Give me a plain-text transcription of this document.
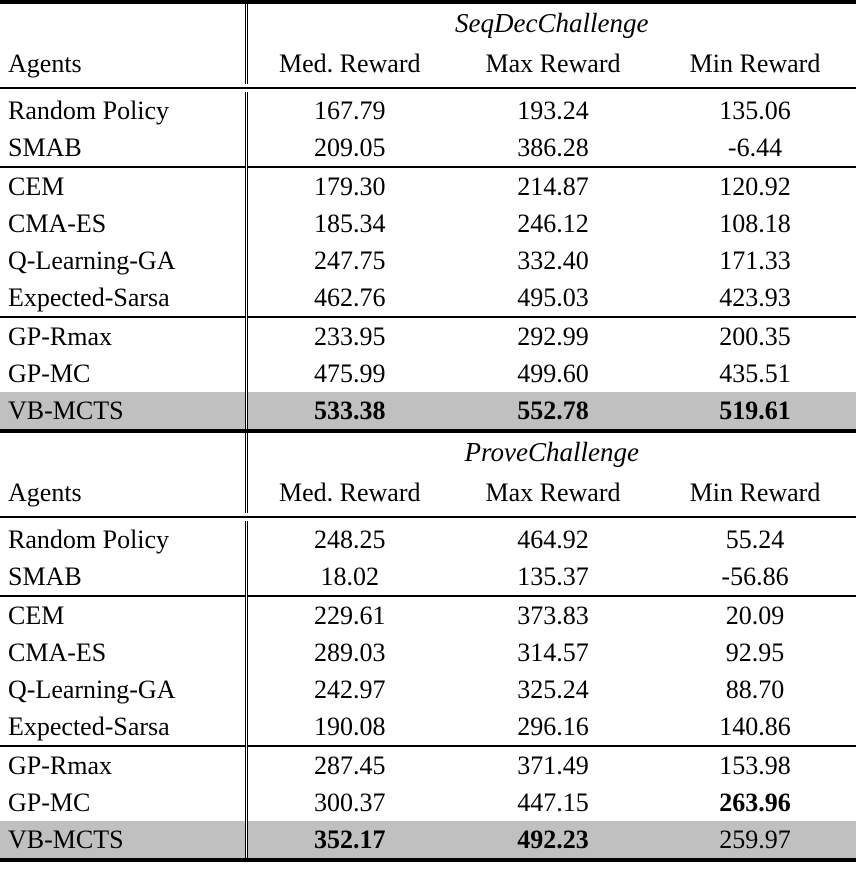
	SeqDecChallenge		
Agents	Med. Reward	Max Reward	Min Reward

Random Policy	167.79	193.24	135.06
SMAB	209.05	386.28	-6.44
CEM	179.30	214.87	120.92
CMA-ES	185.34	246.12	108.18
Q-Learning-GA	247.75	332.40	171.33
Expected-Sarsa	462.76	495.03	423.93
GP-Rmax	233.95	292.99	200.35
GP-MC	475.99	499.60	435.51
VB-MCTS	533.38	552.78	519.61
	ProveChallenge		
Agents	Med. Reward	Max Reward	Min Reward

Random Policy	248.25	464.92	55.24
SMAB	18.02	135.37	-56.86
CEM	229.61	373.83	20.09
CMA-ES	289.03	314.57	92.95
Q-Learning-GA	242.97	325.24	88.70
Expected-Sarsa	190.08	296.16	140.86
GP-Rmax	287.45	371.49	153.98
GP-MC	300.37	447.15	263.96
VB-MCTS	352.17	492.23	259.97
